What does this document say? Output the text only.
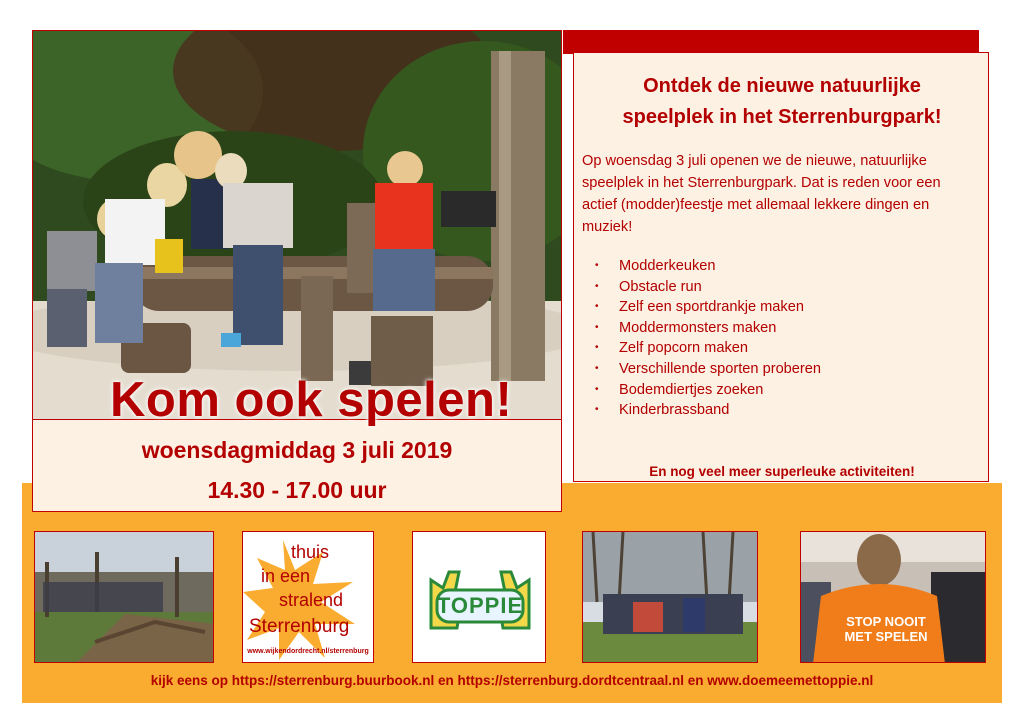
Kom ook spelen!
woensdagmiddag 3 juli 2019
14.30 - 17.00 uur
Ontdek de nieuwe natuurlijke
speelplek in het Sterrenburgpark!

Op woensdag 3 juli openen we de nieuwe, natuurlijke speelplek in het Sterrenburgpark. Dat is reden voor een actief (modder)feestje met allemaal lekkere dingen en muziek!

• Modderkeuken
• Obstacle run
• Zelf een sportdrankje maken
• Moddermonsters maken
• Zelf popcorn maken
• Verschillende sporten proberen
• Bodemdiertjes zoeken
• Kinderbrassband
En nog veel meer superleuke activiteiten!
thuis
in een
stralend
Sterrenburg
www.wijkendordrecht.nl/sterrenburg
TOPPIE
STOP NOOIT
MET SPELEN
kijk eens op https://sterrenburg.buurbook.nl en https://sterrenburg.dordtcentraal.nl en www.doemeemettoppie.nl
